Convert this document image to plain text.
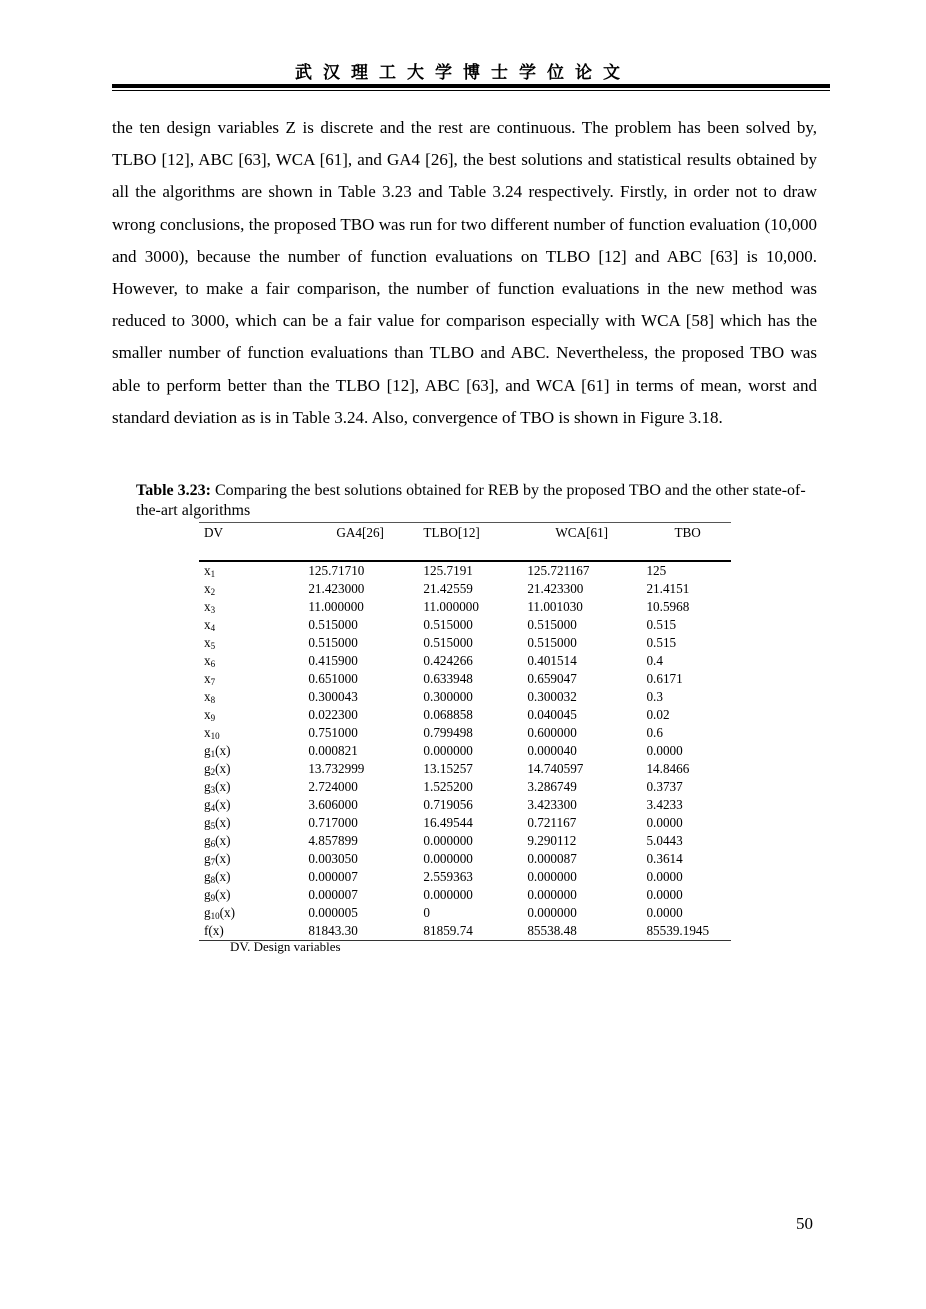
武汉理工大学博士学位论文

the ten design variables Z is discrete and the rest are continuous. The problem has been solved by, TLBO [12], ABC [63], WCA [61], and GA4 [26], the best solutions and statistical results obtained by all the algorithms are shown in Table 3.23 and Table 3.24 respectively. Firstly, in order not to draw wrong conclusions, the proposed TBO was run for two different number of function evaluation (10,000 and 3000), because the number of function evaluations on TLBO [12] and ABC [63] is 10,000. However, to make a fair comparison, the number of function evaluations in the new method was reduced to 3000, which can be a fair value for comparison especially with WCA [58] which has the smaller number of function evaluations than TLBO and ABC. Nevertheless, the proposed TBO was able to perform better than the TLBO [12], ABC [63], and WCA [61] in terms of mean, worst and standard deviation as is in Table 3.24. Also, convergence of TBO is shown in Figure 3.18.

Table 3.23: Comparing the best solutions obtained for REB by the proposed TBO and the other state-of-the-art algorithms
DV	GA4[26]	TLBO[12]	WCA[61]	TBO
$x_1$	125.71710	125.7191	125.721167	125
$x_2$	21.423000	21.42559	21.423300	21.4151
$x_3$	11.000000	11.000000	11.001030	10.5968
$x_4$	0.515000	0.515000	0.515000	0.515
$x_5$	0.515000	0.515000	0.515000	0.515
$x_6$	0.415900	0.424266	0.401514	0.4
$x_7$	0.651000	0.633948	0.659047	0.6171
$x_8$	0.300043	0.300000	0.300032	0.3
$x_9$	0.022300	0.068858	0.040045	0.02
$x_{10}$	0.751000	0.799498	0.600000	0.6
$g_1(x)$	0.000821	0.000000	0.000040	0.0000
$g_2(x)$	13.732999	13.15257	14.740597	14.8466
$g_3(x)$	2.724000	1.525200	3.286749	0.3737
$g_4(x)$	3.606000	0.719056	3.423300	3.4233
$g_5(x)$	0.717000	16.49544	0.721167	0.0000
$g_6(x)$	4.857899	0.000000	9.290112	5.0443
$g_7(x)$	0.003050	0.000000	0.000087	0.3614
$g_8(x)$	0.000007	2.559363	0.000000	0.0000
$g_9(x)$	0.000007	0.000000	0.000000	0.0000
$g_{10}(x)$	0.000005	0	0.000000	0.0000
f(x)	81843.30	81859.74	85538.48	85539.1945
DV. Design variables
50
